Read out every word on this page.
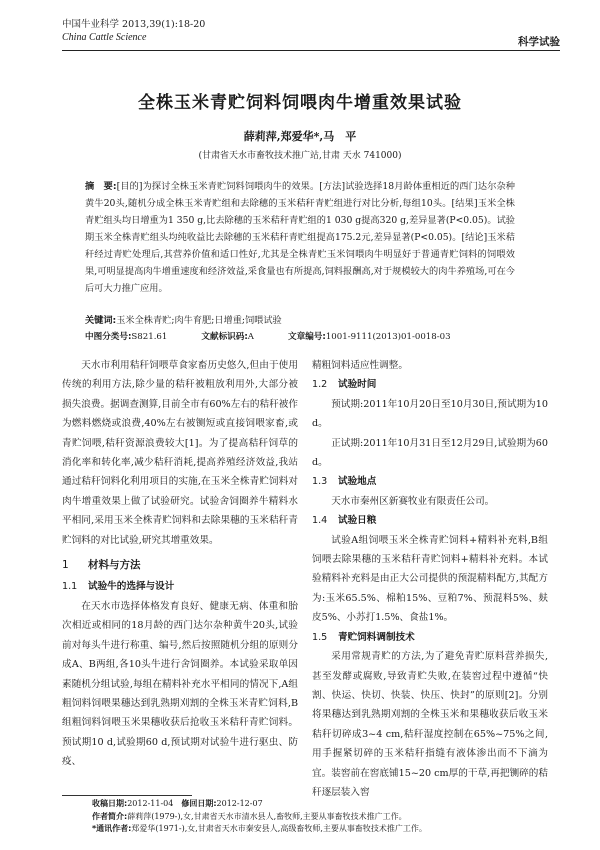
中国牛业科学 2013,39(1):18-20
China Cattle Science	科学试验
全株玉米青贮饲料饲喂肉牛增重效果试验
薛莉萍,郑爱华*,马　平
(甘肃省天水市畜牧技术推广站,甘肃 天水 741000)
摘　要:[目的]为探讨全株玉米青贮饲料饲喂肉牛的效果。[方法]试验选择18月龄体重相近的西门达尔杂种黄牛20头,随机分成全株玉米青贮组和去除穗的玉米秸秆青贮组进行对比分析,每组10头。[结果]玉米全株青贮组头均日增重为1 350 g,比去除穗的玉米秸秆青贮组的1 030 g提高320 g,差异显著(P<0.05)。试验期玉米全株青贮组头均纯收益比去除穗的玉米秸秆青贮组提高175.2元,差异显著(P<0.05)。[结论]玉米秸秆经过青贮处理后,其营养价值和适口性好,尤其是全株青贮玉米饲喂肉牛明显好于普通青贮饲料的饲喂效果,可明显提高肉牛增重速度和经济效益,采食量也有所提高,饲料报酬高,对于规模较大的肉牛养殖场,可在今后可大力推广应用。
关键词:玉米全株青贮;肉牛育肥;日增重;饲喂试验
中图分类号:S821.61	文献标识码:A	文章编号:1001-9111(2013)01-0018-03

天水市利用秸秆饲喂草食家畜历史悠久,但由于使用传统的利用方法,除少量的秸秆被粗放利用外,大部分被损失浪费。据调查测算,目前全市有60%左右的秸秆被作为燃料燃烧或浪费,40%左右被铡短或直接饲喂家畜,或青贮饲喂,秸秆资源浪费较大[1]。为了提高秸秆饲草的消化率和转化率,减少秸秆消耗,提高养殖经济效益,我站通过秸秆饲料化利用项目的实施,在玉米全株青贮饲料对肉牛增重效果上做了试验研究。试验舍饲圈养牛精料水平相同,采用玉米全株青贮饲料和去除果穗的玉米秸秆青贮饲料的对比试验,研究其增重效果。

1 材料与方法
1.1 试验牛的选择与设计

在天水市选择体格发育良好、健康无病、体重和胎次相近或相同的18月龄的西门达尔杂种黄牛20头,试验前对每头牛进行称重、编号,然后按照随机分组的原则分成A、B两组,各10头牛进行舍饲圈养。本试验采取单因素随机分组试验,每组在精料补充水平相同的情况下,A组粗饲料饲喂果穗达到乳熟期刈割的全株玉米青贮饲料,B组粗饲料饲喂玉米果穗收获后抢收玉米秸秆青贮饲料。预试期10 d,试验期60 d,预试期对试验牛进行驱虫、防疫、

精粗饲料适应性调整。
1.2 试验时间

预试期:2011年10月20日至10月30日,预试期为10 d。

正试期:2011年10月31日至12月29日,试验期为60 d。

1.3 试验地点

天水市秦州区新赛牧业有限责任公司。

1.4 试验日粮

试验A组饲喂玉米全株青贮饲料+精料补充料,B组饲喂去除果穗的玉米秸秆青贮饲料+精料补充料。本试验精料补充料是由正大公司提供的预混精料配方,其配方为:玉米65.5%、棉粕15%、豆粕7%、预混料5%、麸皮5%、小苏打1.5%、食盐1%。

1.5 青贮饲料调制技术

采用常规青贮的方法,为了避免青贮原料营养损失,甚至发酵或腐败,导致青贮失败,在装窖过程中遵循“快割、快运、快切、快装、快压、快封”的原则[2]。分别将果穗达到乳熟期刈割的全株玉米和果穗收获后收玉米秸秆切碎成3~4 cm,秸秆湿度控制在65%~75%之间,用手握紧切碎的玉米秸秆指缝有液体渗出而不下滴为宜。装窖前在窖底铺15~20 cm厚的干草,再把铡碎的秸秆逐层装入窖

收稿日期:2012-11-04　 修回日期:2012-12-07
作者简介:薛莉萍(1979-),女,甘肃省天水市清水县人,畜牧师,主要从事畜牧技术推广工作。
*通讯作者:郑爱华(1971-),女,甘肃省天水市秦安县人,高级畜牧师,主要从事畜牧技术推广工作。
